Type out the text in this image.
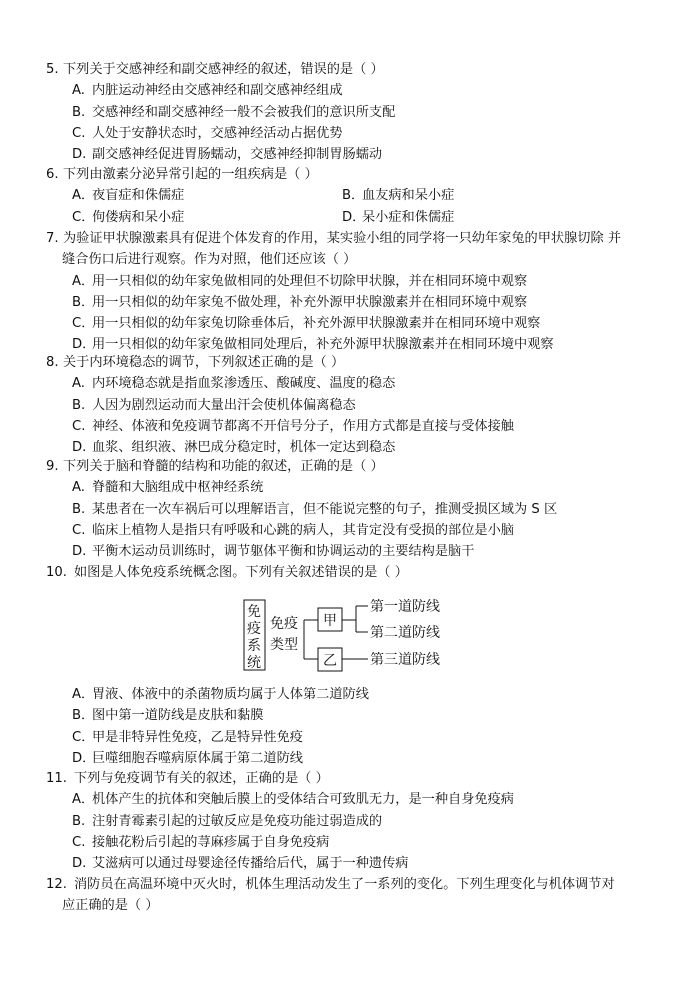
5. 下列关于交感神经和副交感神经的叙述，错误的是（ ）
A. 内脏运动神经由交感神经和副交感神经组成
B. 交感神经和副交感神经一般不会被我们的意识所支配
C. 人处于安静状态时，交感神经活动占据优势
D. 副交感神经促进胃肠蠕动，交感神经抑制胃肠蠕动
6. 下列由激素分泌异常引起的一组疾病是（ ）
A．夜盲症和侏儒症	B．血友病和呆小症
C．佝偻病和呆小症	D．呆小症和侏儒症
7. 为验证甲状腺激素具有促进个体发育的作用，某实验小组的同学将一只幼年家兔的甲状腺切除 并
缝合伤口后进行观察。作为对照，他们还应该（ ）
A．用一只相似的幼年家兔做相同的处理但不切除甲状腺，并在相同环境中观察
B．用一只相似的幼年家兔不做处理，补充外源甲状腺激素并在相同环境中观察
C．用一只相似的幼年家兔切除垂体后，补充外源甲状腺激素并在相同环境中观察
D．用一只相似的幼年家兔做相同处理后，补充外源甲状腺激素并在相同环境中观察
8. 关于内环境稳态的调节，下列叙述正确的是（ ）
A. 内环境稳态就是指血浆渗透压、酸碱度、温度的稳态
B. 人因为剧烈运动而大量出汗会使机体偏离稳态
C. 神经、体液和免疫调节都离不开信号分子，作用方式都是直接与受体接触
D. 血浆、组织液、淋巴成分稳定时，机体一定达到稳态
9. 下列关于脑和脊髓的结构和功能的叙述，正确的是（ ）
A. 脊髓和大脑组成中枢神经系统
B. 某患者在一次车祸后可以理解语言，但不能说完整的句子，推测受损区域为 S 区
C. 临床上植物人是指只有呼吸和心跳的病人，其肯定没有受损的部位是小脑
D. 平衡木运动员训练时，调节躯体平衡和协调运动的主要结构是脑干
10. 如图是人体免疫系统概念图。下列有关叙述错误的是（ ）
免
疫
系
统
免疫
类型
甲
乙
第一道防线
第二道防线
第三道防线
A．胃液、体液中的杀菌物质均属于人体第二道防线
B．图中第一道防线是皮肤和黏膜
C．甲是非特异性免疫，乙是特异性免疫
D．巨噬细胞吞噬病原体属于第二道防线
11. 下列与免疫调节有关的叙述，正确的是（ ）
A．机体产生的抗体和突触后膜上的受体结合可致肌无力，是一种自身免疫病
B. 注射青霉素引起的过敏反应是免疫功能过弱造成的
C. 接触花粉后引起的荨麻疹属于自身免疫病
D. 艾滋病可以通过母婴途径传播给后代，属于一种遗传病
12. 消防员在高温环境中灭火时，机体生理活动发生了一系列的变化。下列生理变化与机体调节对
应正确的是（ ）
